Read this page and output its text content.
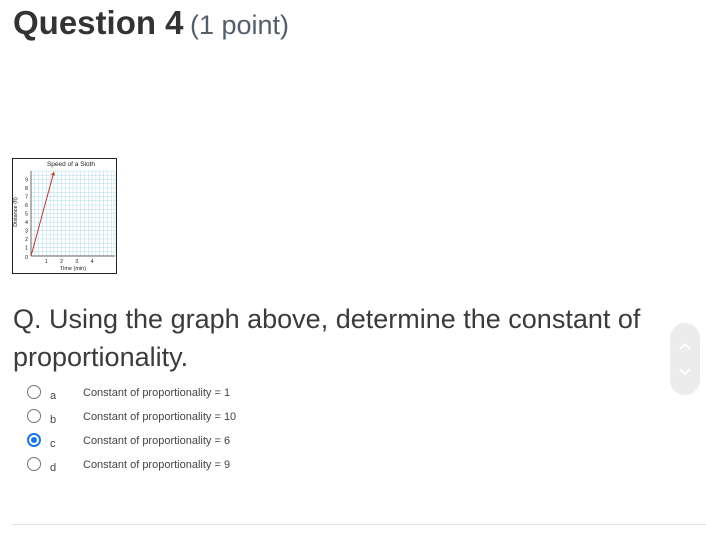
Question 4 (1 point)
Speed of a Sloth
1 2 3 4
1
2
3
4
5
6
7
8
9
0
Time (min)
Distance (ft)
Q. Using the graph above, determine the constant of proportionality.
a Constant of proportionality = 1
b Constant of proportionality = 10
c	Constant of proportionality = 6
d Constant of proportionality = 9
